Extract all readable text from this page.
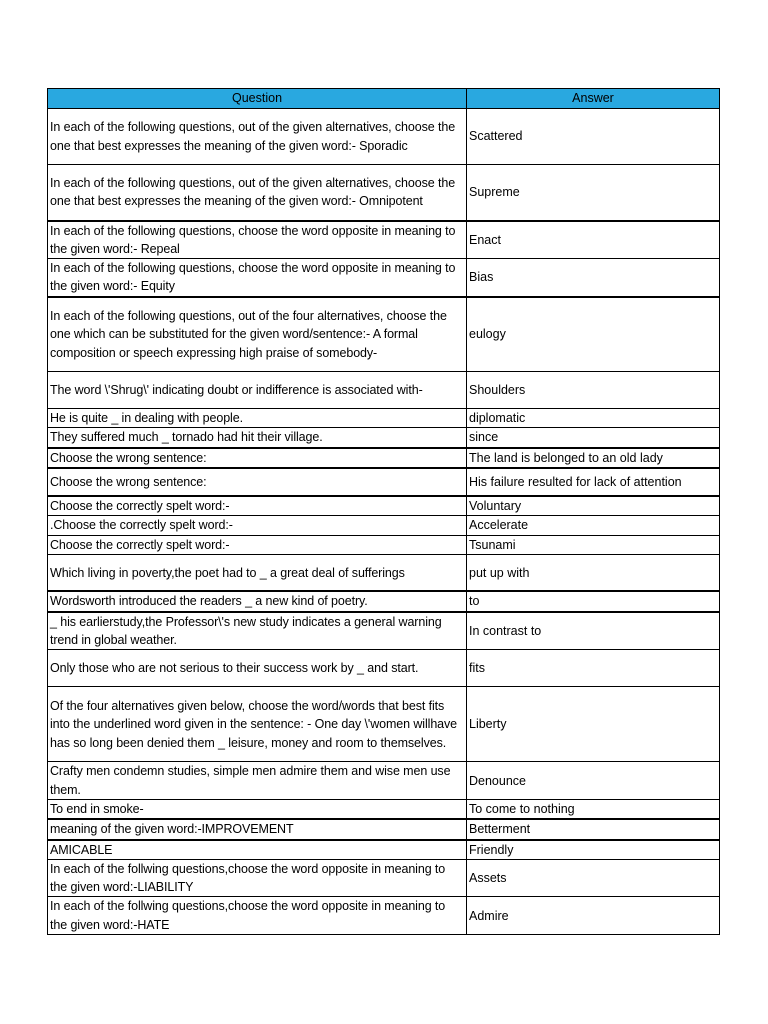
Question	Answer
In each of the following questions, out of the given alternatives, choose the one that best expresses the meaning of the given word:- Sporadic	Scattered
In each of the following questions, out of the given alternatives, choose the one that best expresses the meaning of the given word:- Omnipotent	Supreme
In each of the following questions, choose the word opposite in meaning to the given word:- Repeal	Enact
In each of the following questions, choose the word opposite in meaning to the given word:- Equity	Bias
In each of the following questions, out of the four alternatives, choose the one which can be substituted for the given word/sentence:- A formal composition or speech expressing high praise of somebody-	eulogy
The word \'Shrug\' indicating doubt or indifference is associated with-	Shoulders
He is quite _ in dealing with people.	diplomatic
They suffered much _ tornado had hit their village.	since
Choose the wrong sentence:	The land is belonged to an old lady
Choose the wrong sentence:	His failure resulted for lack of attention
Choose the correctly spelt word:-	Voluntary
.Choose the correctly spelt word:-	Accelerate
Choose the correctly spelt word:-	Tsunami
Which living in poverty,the poet had to _ a great deal of sufferings	put up with
Wordsworth introduced the readers _ a new kind of poetry.	to
_ his earlierstudy,the Professor\'s new study indicates a general warning trend in global weather.	In contrast to
Only those who are not serious to their success work by _ and start.	fits
Of the four alternatives given below, choose the word/words that best fits into the underlined word given in the sentence: - One day \'women willhave has so long been denied them _ leisure, money and room to themselves.	Liberty
Crafty men condemn studies, simple men admire them and wise men use them.	Denounce
To end in smoke-	To come to nothing
meaning of the given word:-IMPROVEMENT	Betterment
AMICABLE	Friendly
In each of the follwing questions,choose the word opposite in meaning to the given word:-LIABILITY	Assets
In each of the follwing questions,choose the word opposite in meaning to the given word:-HATE	Admire
